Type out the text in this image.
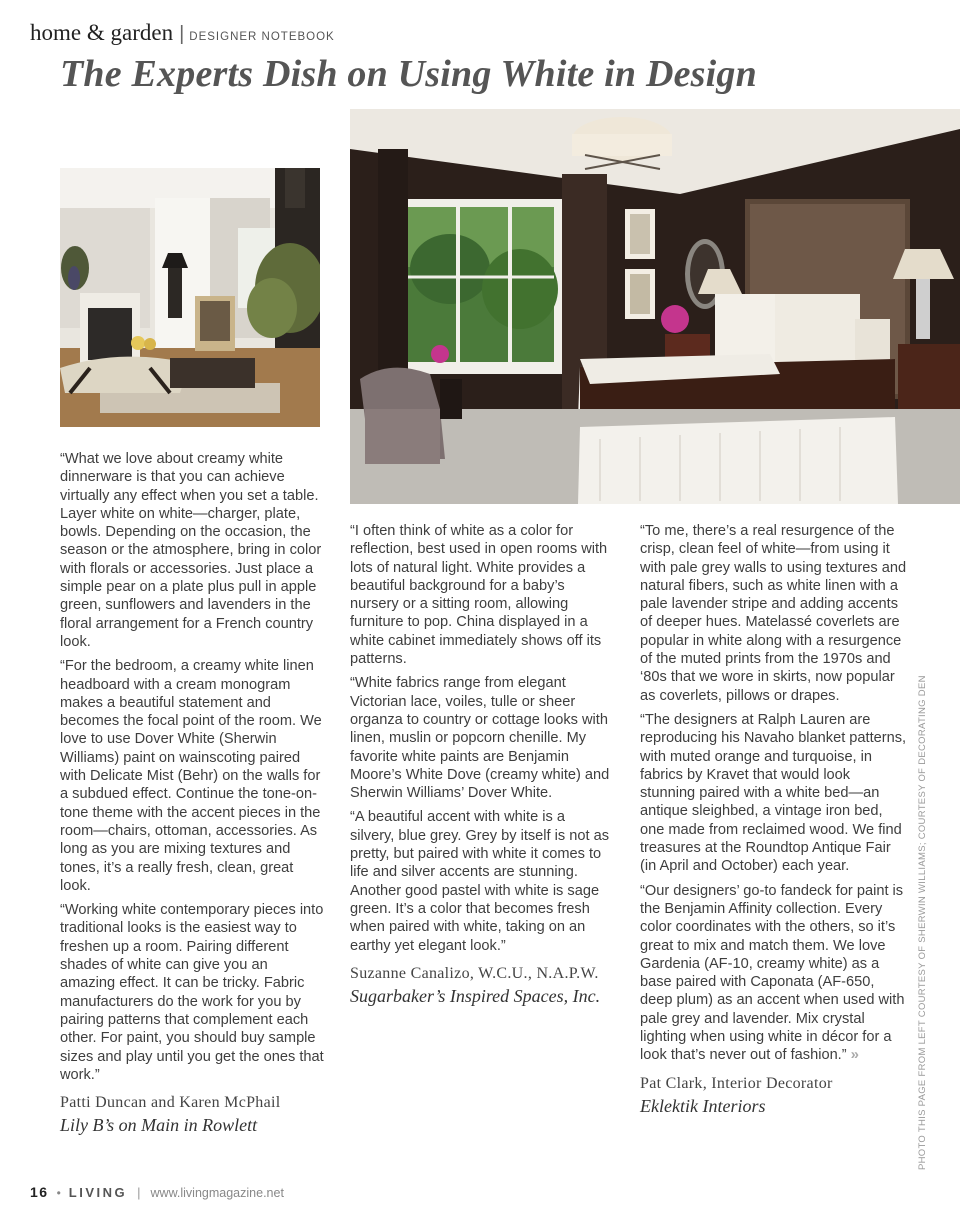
home & garden | DESIGNER NOTEBOOK
The Experts Dish on Using White in Design

“What we love about creamy white dinnerware is that you can achieve virtually any effect when you set a table. Layer white on white—charger, plate, bowls. Depending on the occasion, the season or the atmosphere, bring in color with florals or accessories. Just place a simple pear on a plate plus pull in apple green, sunflowers and lavenders in the floral arrangement for a French country look.

“For the bedroom, a creamy white linen headboard with a cream monogram makes a beautiful statement and becomes the focal point of the room. We love to use Dover White (Sherwin Williams) paint on wainscoting paired with Delicate Mist (Behr) on the walls for a subdued effect. Continue the tone-on-tone theme with the accent pieces in the room—chairs, ottoman, accessories. As long as you are mixing textures and tones, it’s a really fresh, clean, great look.

“Working white contemporary pieces into traditional looks is the easiest way to freshen up a room. Pairing different shades of white can give you an amazing effect. It can be tricky. Fabric manufacturers do the work for you by pairing patterns that complement each other. For paint, you should buy sample sizes and play until you get the ones that work.”

Patti Duncan and Karen McPhail
Lily B’s on Main in Rowlett

“I often think of white as a color for reflection, best used in open rooms with lots of natural light. White provides a beautiful background for a baby’s nursery or a sitting room, allowing furniture to pop. China displayed in a white cabinet immediately shows off its patterns.

“White fabrics range from elegant Victorian lace, voiles, tulle or sheer organza to country or cottage looks with linen, muslin or popcorn chenille. My favorite white paints are Benjamin Moore’s White Dove (creamy white) and Sherwin Williams’ Dover White.

“A beautiful accent with white is a silvery, blue grey. Grey by itself is not as pretty, but paired with white it comes to life and silver accents are stunning. Another good pastel with white is sage green. It’s a color that becomes fresh when paired with white, taking on an earthy yet elegant look.”

Suzanne Canalizo, W.C.U., N.A.P.W.
Sugarbaker’s Inspired Spaces, Inc.

“To me, there’s a real resurgence of the crisp, clean feel of white—from using it with pale grey walls to using textures and natural fibers, such as white linen with a pale lavender stripe and adding accents of deeper hues. Matelassé coverlets are popular in white along with a resurgence of the muted prints from the 1970s and ‘80s that we wore in skirts, now popular as coverlets, pillows or drapes.

“The designers at Ralph Lauren are reproducing his Navaho blanket patterns, with muted orange and turquoise, in fabrics by Kravet that would look stunning paired with a white bed—an antique sleighbed, a vintage iron bed, one made from reclaimed wood. We find treasures at the Roundtop Antique Fair (in April and October) each year.

“Our designers’ go-to fandeck for paint is the Benjamin Affinity collection. Every color coordinates with the others, so it’s great to mix and match them. We love Gardenia (AF-10, creamy white) as a base paired with Caponata (AF-650, deep plum) as an accent when used with pale grey and lavender. Mix crystal lighting when using white in décor for a look that’s never out of fashion.” »

Pat Clark, Interior Decorator
Eklektik Interiors	PHOTO THIS PAGE FROM LEFT COURTESY OF SHERWIN WILLIAMS; COURTESY OF DECORATING DEN
16 • LIVING | www.livingmagazine.net
